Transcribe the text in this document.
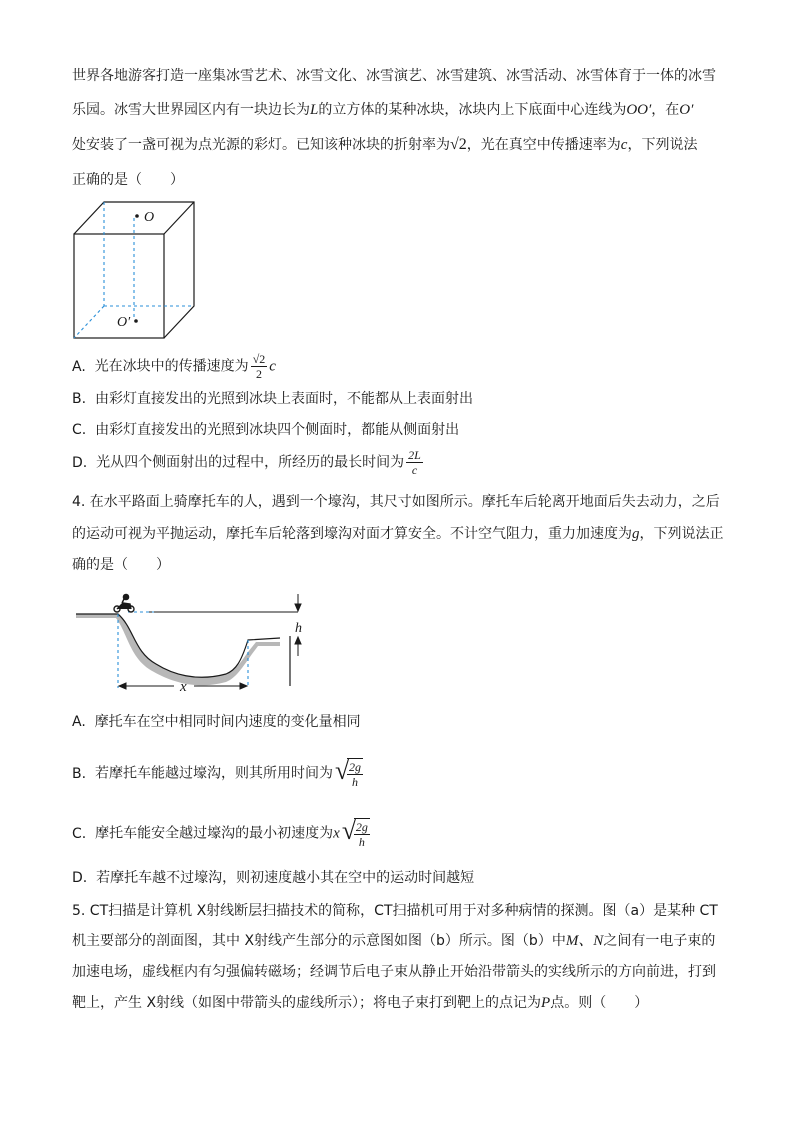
世界各地游客打造一座集冰雪艺术、冰雪文化、冰雪演艺、冰雪建筑、冰雪活动、冰雪体育于一体的冰雪
乐园。冰雪大世界园区内有一块边长为L的立方体的某种冰块，冰块内上下底面中心连线为OO′，在O′
处安装了一盏可视为点光源的彩灯。已知该种冰块的折射率为√2，光在真空中传播速率为c，下列说法
正确的是（　　）
O
O′
A. 光在冰块中的传播速度为 $\frac{√2}{2}$ c
B. 由彩灯直接发出的光照到冰块上表面时，不能都从上表面射出
C. 由彩灯直接发出的光照到冰块四个侧面时，都能从侧面射出
D. 光从四个侧面射出的过程中，所经历的最长时间为 $\frac{2L}{c}$
4. 在水平路面上骑摩托车的人，遇到一个壕沟，其尺寸如图所示。摩托车后轮离开地面后失去动力，之后
的运动可视为平抛运动，摩托车后轮落到壕沟对面才算安全。不计空气阻力，重力加速度为g，下列说法正
确的是（　　）
h
x
A. 摩托车在空中相同时间内速度的变化量相同
B. 若摩托车能越过壕沟，则其所用时间为 √
$\frac{2g}{h}$
C. 摩托车能安全越过壕沟的最小初速度为x √
$\frac{2g}{h}$
D. 若摩托车越不过壕沟，则初速度越小其在空中的运动时间越短
5. CT扫描是计算机 X射线断层扫描技术的简称，CT扫描机可用于对多种病情的探测。图（a）是某种 CT
机主要部分的剖面图，其中 X射线产生部分的示意图如图（b）所示。图（b）中M、N之间有一电子束的
加速电场，虚线框内有匀强偏转磁场；经调节后电子束从静止开始沿带箭头的实线所示的方向前进，打到
靶上，产生 X射线（如图中带箭头的虚线所示）；将电子束打到靶上的点记为P点。则（　　）
